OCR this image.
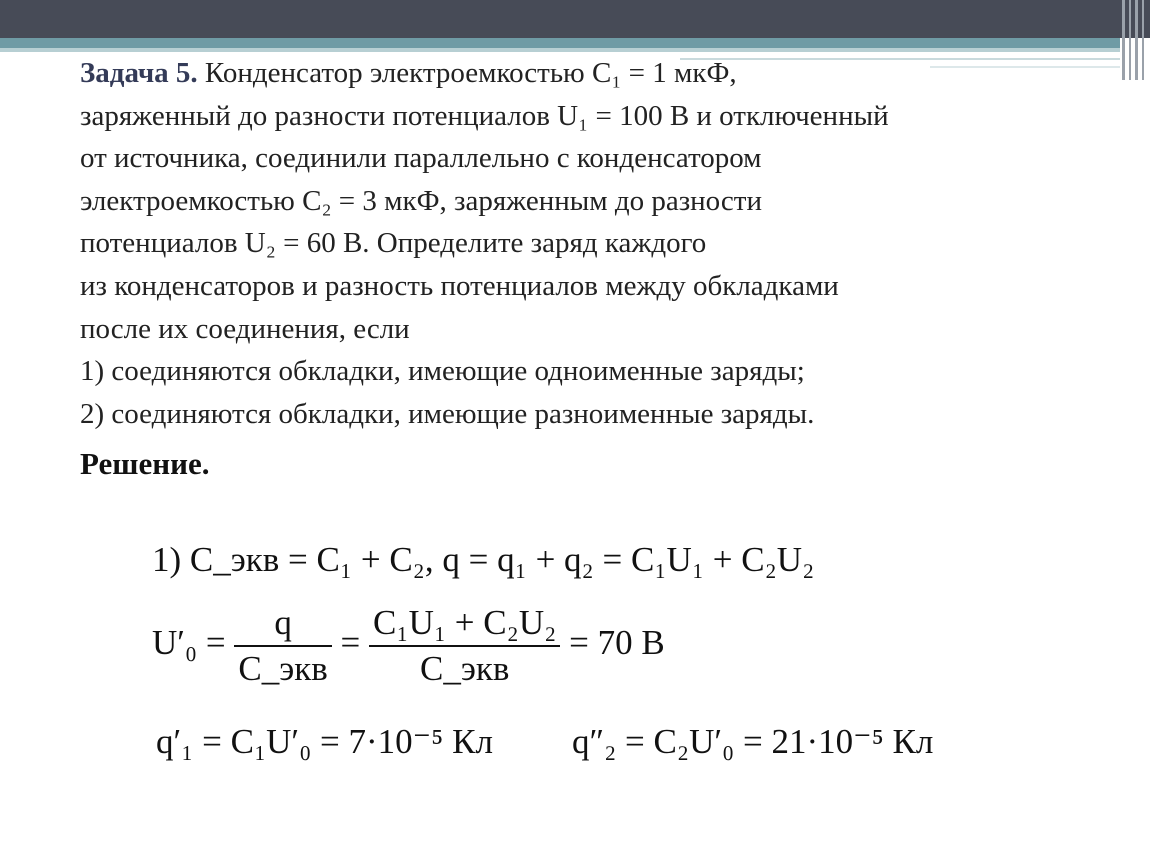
Задача 5. Конденсатор электроемкостью C₁ = 1 мкФ,
заряженный до разности потенциалов U₁ = 100 В и отключенный
от источника, соединили параллельно с конденсатором
электроемкостью C₂ = 3 мкФ, заряженным до разности
потенциалов U₂ = 60 В. Определите заряд каждого
из конденсаторов и разность потенциалов между обкладками
после их соединения, если
1) соединяются обкладки, имеющие одноименные заряды;
2) соединяются обкладки, имеющие разноименные заряды.
Решение.
1) C_экв = C₁ + C₂, q = q₁ + q₂ = C₁U₁ + C₂U₂
$U'_0 = \frac{q}{\text{C\_экв}} = \frac{\text{C₁U₁ + C₂U₂}}{\text{C\_экв}} = 70$ В
q′₁ = C₁U′₀ = 7·10⁻⁵ Кл q″₂ = C₂U′₀ = 21·10⁻⁵ Кл
